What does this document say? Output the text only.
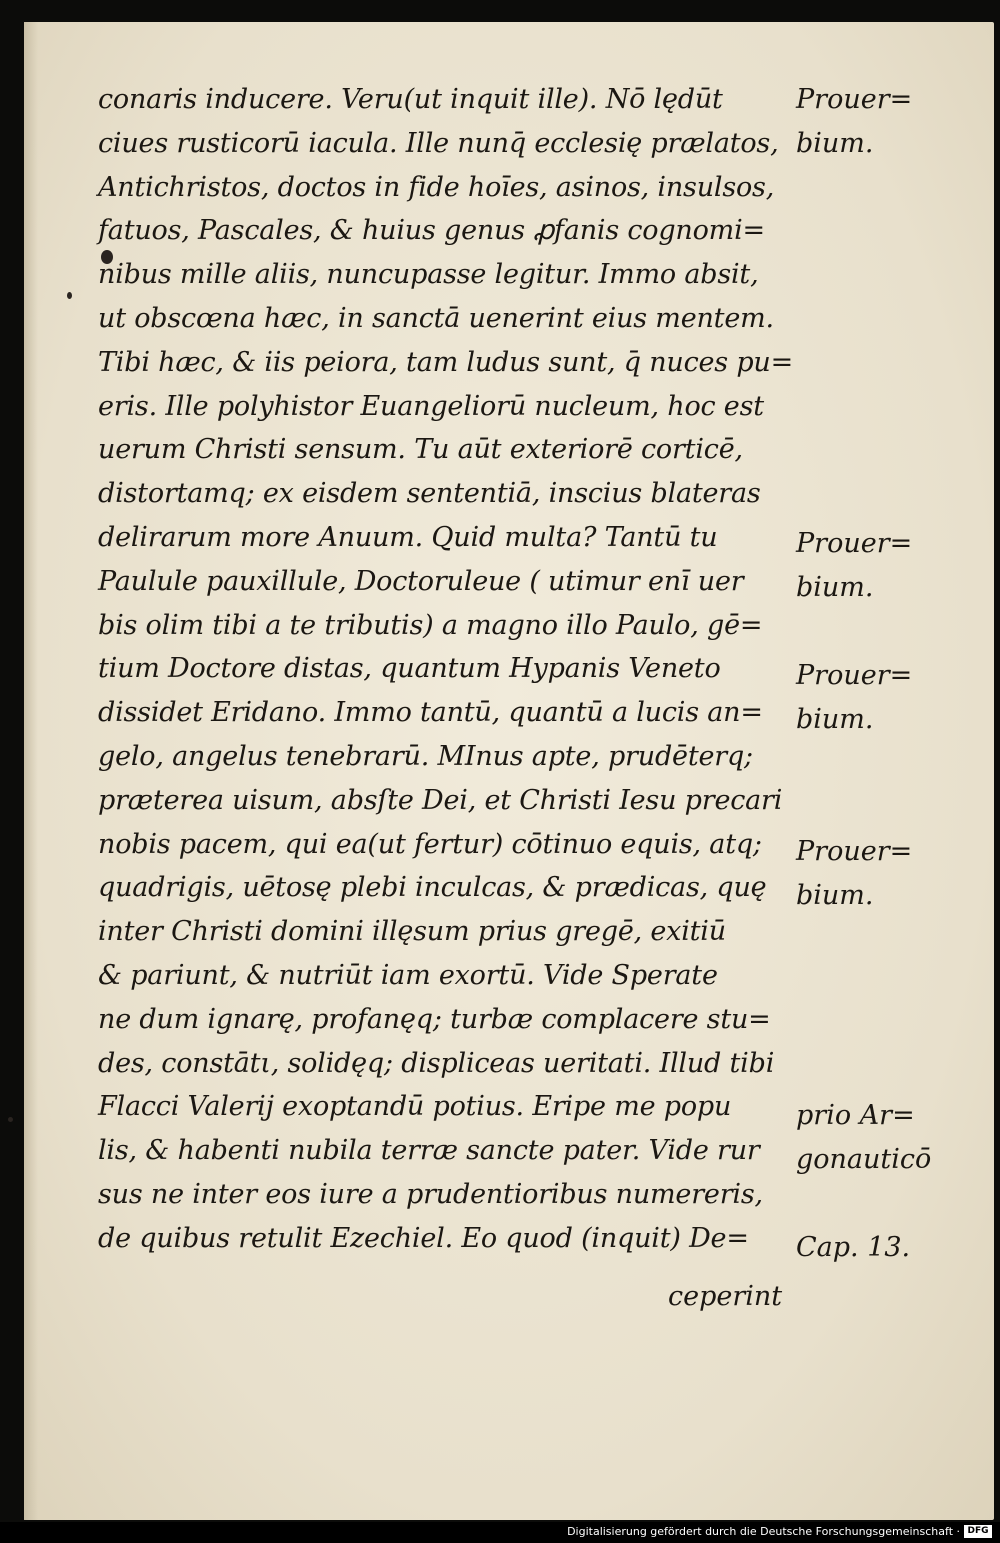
conaris inducere. Veru(ut inquit ille). Nō lędūt
ciues rusticorū iacula. Ille nunq̄ ecclesię prælatos,
Antichristos, doctos in fide hoīes, asinos, insulsos,
fatuos, Pascales, & huius genus ꝓfanis cognomi=
nibus mille aliis, nuncupasse legitur. Immo absit,
ut obscœna hæc, in sanctā uenerint eius mentem.
Tibi hæc, & iis peiora, tam ludus sunt, q̄ nuces pu=
eris. Ille polyhistor Euangeliorū nucleum, hoc est
uerum Christi sensum. Tu aūt exteriorē corticē,
distortamq; ex eisdem sententiā, inscius blateras
delirarum more Anuum. Quid multa? Tantū tu
Paulule pauxillule, Doctoruleue ( utimur enī uer
bis olim tibi a te tributis) a magno illo Paulo, gē=
tium Doctore distas, quantum Hypanis Veneto
dissidet Eridano. Immo tantū, quantū a lucis an=
gelo, angelus tenebrarū. MInus apte, prudēterq;
prætereа uisum, absſte Dei, et Christi Iesu precari
nobis pacem, qui ea(ut fertur) cōtinuo equis, atq;
quadrigis, uētosę plebi inculcas, & prædicas, quę
inter Christi domini illęsum prius gregē, exitiū
& pariunt, & nutriūt iam exortū. Vide Sperate
ne dum ignarę, profanęq; turbæ complacere stu=
des, constātι, solidęq; displiceas ueritati. Illud tibi
Flacci Valerij exoptandū potius. Eripe me popu
lis, & habenti nubila terræ sancte pater. Vide rur
sus ne inter eos iure a prudentioribus numereris,
de quibus retulit Ezechiel. Eo quod (inquit) De=
ceperint
Prouer=
bium.
Prouer=
bium.
Prouer=
bium.
Prouer=
bium.
prio Ar=
gonauticō
Cap. 13.
Digitalisierung gefördert durch die Deutsche Forschungsgemeinschaft · DFG
